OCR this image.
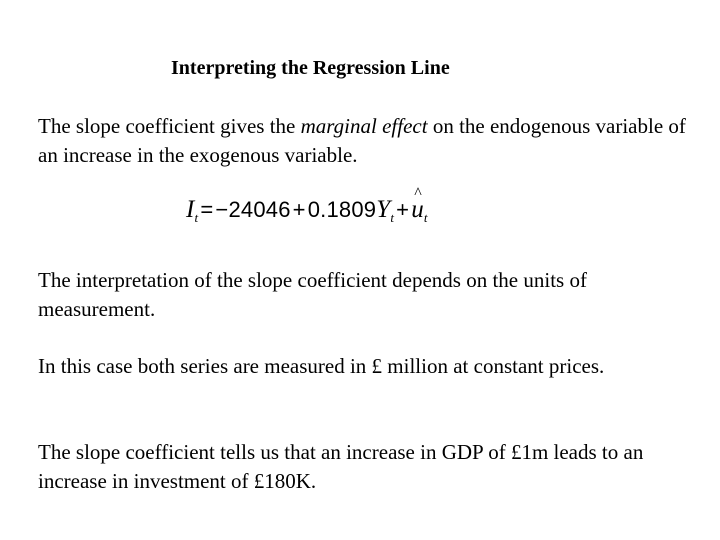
Interpreting the Regression Line
The slope coefficient gives the marginal effect on the endogenous variable of an increase in the exogenous variable.
$I_t=-24046+0.1809Y_t+\^{}$ $u_t$
The interpretation of the slope coefficient depends on the units of measurement.
In this case both series are measured in £ million at constant prices.
The slope coefficient tells us that an increase in GDP of £1m leads to an increase in investment of £180K.
